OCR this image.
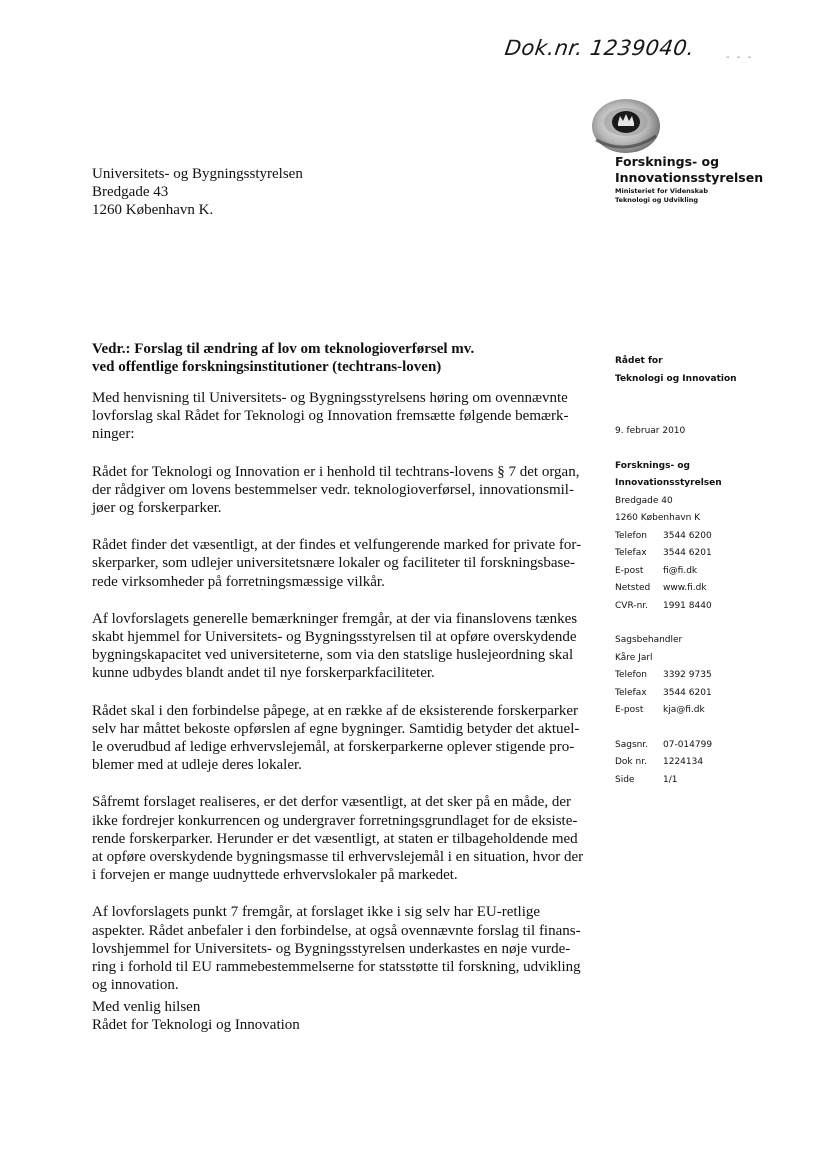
Dok.nr. 1239040.	- - -
Forsknings- og
Innovationsstyrelsen
Ministeriet for Videnskab
Teknologi og Udvikling
Universitets- og Bygningsstyrelsen
Bredgade 43
1260 København K.
Vedr.: Forslag til ændring af lov om teknologioverførsel mv.
ved offentlige forskningsinstitutioner (techtrans-loven)
Med henvisning til Universitets- og Bygningsstyrelsens høring om ovennævnte
lovforslag skal Rådet for Teknologi og Innovation fremsætte følgende bemærk-
ninger:
Rådet for Teknologi og Innovation er i henhold til techtrans-lovens § 7 det organ,
der rådgiver om lovens bestemmelser vedr. teknologioverførsel, innovationsmil-
jøer og forskerparker.
Rådet finder det væsentligt, at der findes et velfungerende marked for private for-
skerparker, som udlejer universitetsnære lokaler og faciliteter til forskningsbase-
rede virksomheder på forretningsmæssige vilkår.
Af lovforslagets generelle bemærkninger fremgår, at der via finanslovens tænkes
skabt hjemmel for Universitets- og Bygningsstyrelsen til at opføre overskydende
bygningskapacitet ved universiteterne, som via den statslige huslejeordning skal
kunne udbydes blandt andet til nye forskerparkfaciliteter.
Rådet skal i den forbindelse påpege, at en række af de eksisterende forskerparker
selv har måttet bekoste opførslen af egne bygninger. Samtidig betyder det aktuel-
le overudbud af ledige erhvervslejemål, at forskerparkerne oplever stigende pro-
blemer med at udleje deres lokaler.
Såfremt forslaget realiseres, er det derfor væsentligt, at det sker på en måde, der
ikke fordrejer konkurrencen og undergraver forretningsgrundlaget for de eksiste-
rende forskerparker. Herunder er det væsentligt, at staten er tilbageholdende med
at opføre overskydende bygningsmasse til erhvervslejemål i en situation, hvor der
i forvejen er mange uudnyttede erhvervslokaler på markedet.
Af lovforslagets punkt 7 fremgår, at forslaget ikke i sig selv har EU-retlige
aspekter. Rådet anbefaler i den forbindelse, at også ovennævnte forslag til finans-
lovshjemmel for Universitets- og Bygningsstyrelsen underkastes en nøje vurde-
ring i forhold til EU rammebestemmelserne for statsstøtte til forskning, udvikling
og innovation.
Med venlig hilsen
Rådet for Teknologi og Innovation
Rådet for
Teknologi og Innovation
9. februar 2010
Forsknings- og
Innovationsstyrelsen
Bredgade 40
1260 København K
Telefon	3544 6200
Telefax	3544 6201
E-post	fi@fi.dk
Netsted	www.fi.dk
CVR-nr.	1991 8440
Sagsbehandler
Kåre Jarl
Telefon	3392 9735
Telefax	3544 6201
E-post	kja@fi.dk
Sagsnr.	07-014799
Dok nr.	1224134
Side	1/1
